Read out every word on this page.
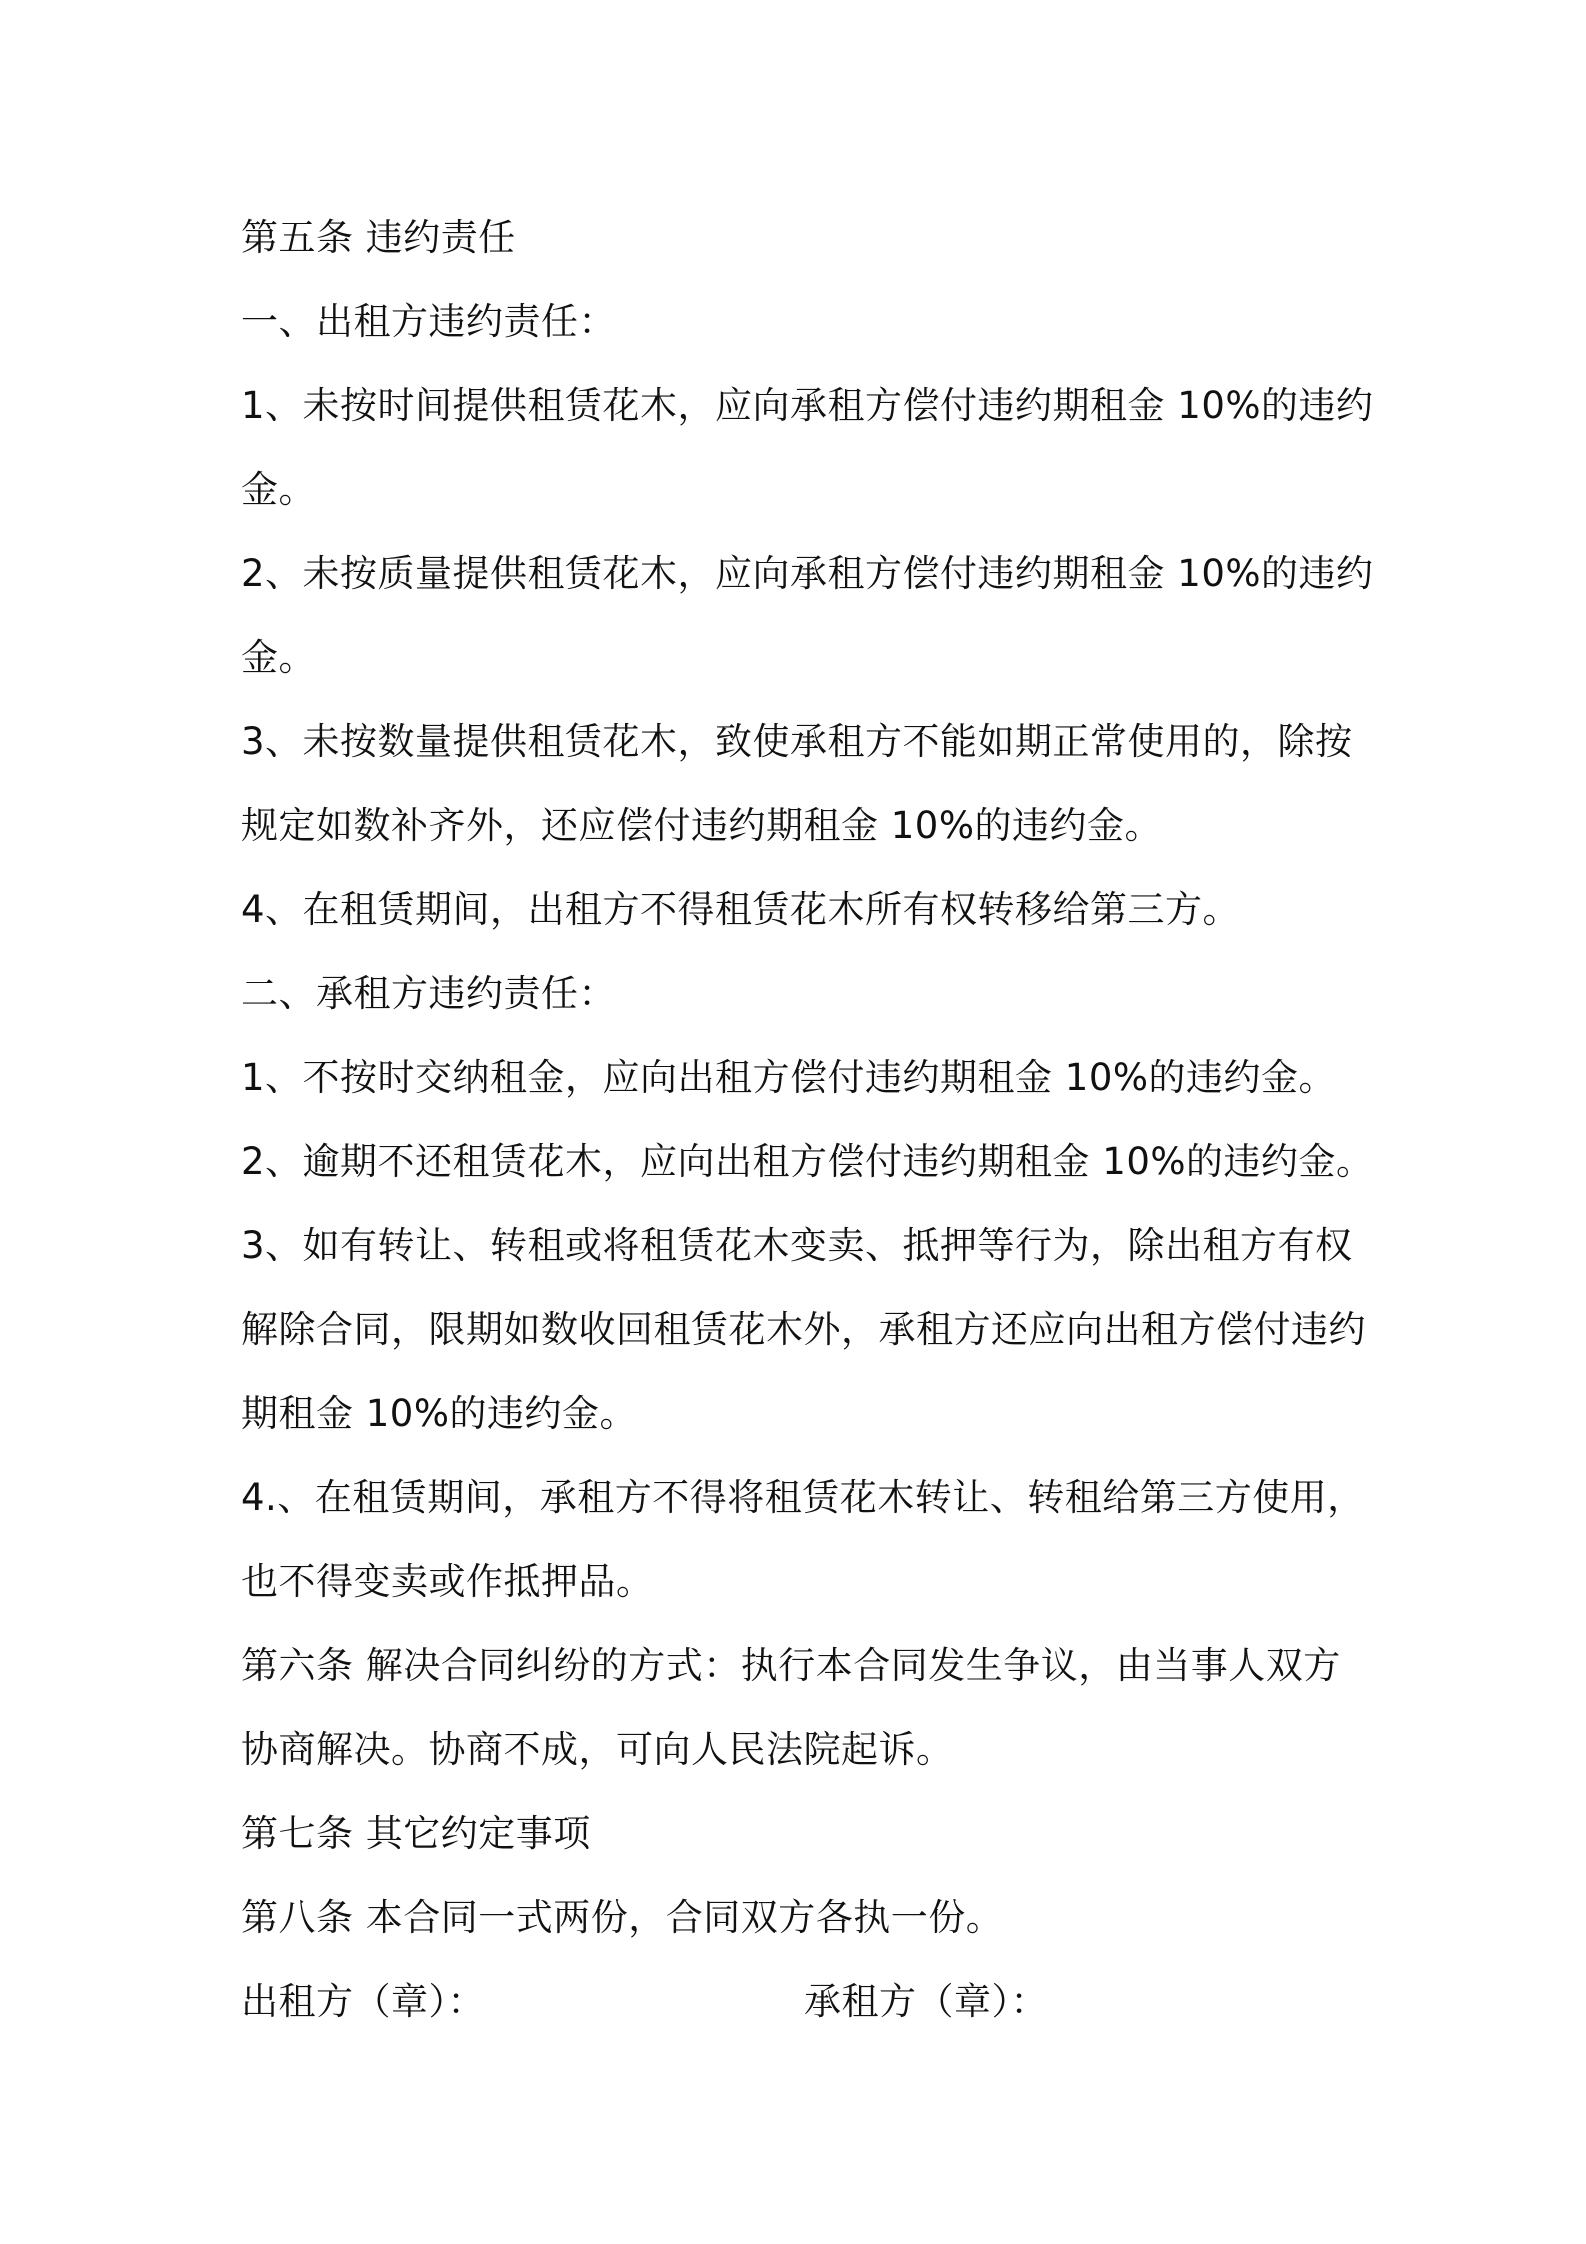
第五条 违约责任
一、出租方违约责任：
1、未按时间提供租赁花木，应向承租方偿付违约期租金 10%的违约
金。
2、未按质量提供租赁花木，应向承租方偿付违约期租金 10%的违约
金。
3、未按数量提供租赁花木，致使承租方不能如期正常使用的，除按
规定如数补齐外，还应偿付违约期租金 10%的违约金。
4、在租赁期间，出租方不得租赁花木所有权转移给第三方。
二、承租方违约责任：
1、不按时交纳租金，应向出租方偿付违约期租金 10%的违约金。
2、逾期不还租赁花木，应向出租方偿付违约期租金 10%的违约金。
3、如有转让、转租或将租赁花木变卖、抵押等行为，除出租方有权
解除合同，限期如数收回租赁花木外，承租方还应向出租方偿付违约
期租金 10%的违约金。
4.、在租赁期间，承租方不得将租赁花木转让、转租给第三方使用，
也不得变卖或作抵押品。
第六条 解决合同纠纷的方式：执行本合同发生争议，由当事人双方
协商解决。协商不成，可向人民法院起诉。
第七条 其它约定事项
第八条 本合同一式两份，合同双方各执一份。
出租方（章）：	承租方（章）：
